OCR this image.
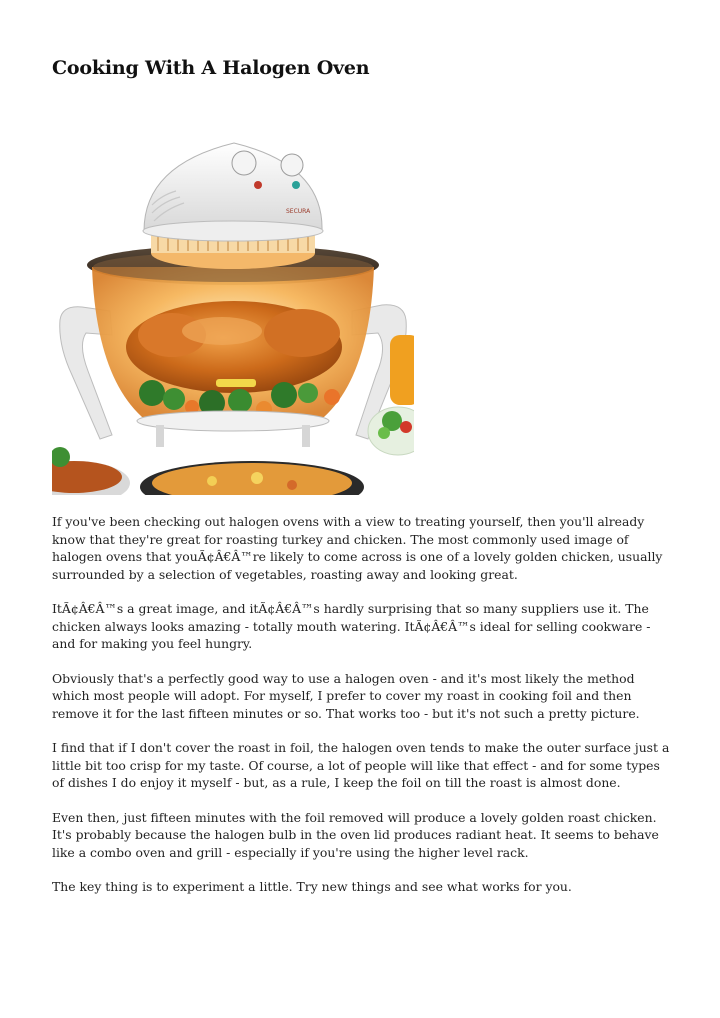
Cooking With A Halogen Oven
SECURA

If you've been checking out halogen ovens with a view to treating yourself, then you'll already know that they're great for roasting turkey and chicken. The most commonly used image of halogen ovens that youÃ¢Â€Â™re likely to come across is one of a lovely golden chicken, usually surrounded by a selection of vegetables, roasting away and looking great.

ItÃ¢Â€Â™s a great image, and itÃ¢Â€Â™s hardly surprising that so many suppliers use it. The chicken always looks amazing - totally mouth watering. ItÃ¢Â€Â™s ideal for selling cookware - and for making you feel hungry.

Obviously that's a perfectly good way to use a halogen oven - and it's most likely the method which most people will adopt. For myself, I prefer to cover my roast in cooking foil and then remove it for the last fifteen minutes or so. That works too - but it's not such a pretty picture.

I find that if I don't cover the roast in foil, the halogen oven tends to make the outer surface just a little bit too crisp for my taste. Of course, a lot of people will like that effect - and for some types of dishes I do enjoy it myself - but, as a rule, I keep the foil on till the roast is almost done.

Even then, just fifteen minutes with the foil removed will produce a lovely golden roast chicken. It's probably because the halogen bulb in the oven lid produces radiant heat. It seems to behave like a combo oven and grill - especially if you're using the higher level rack.

The key thing is to experiment a little. Try new things and see what works for you.
